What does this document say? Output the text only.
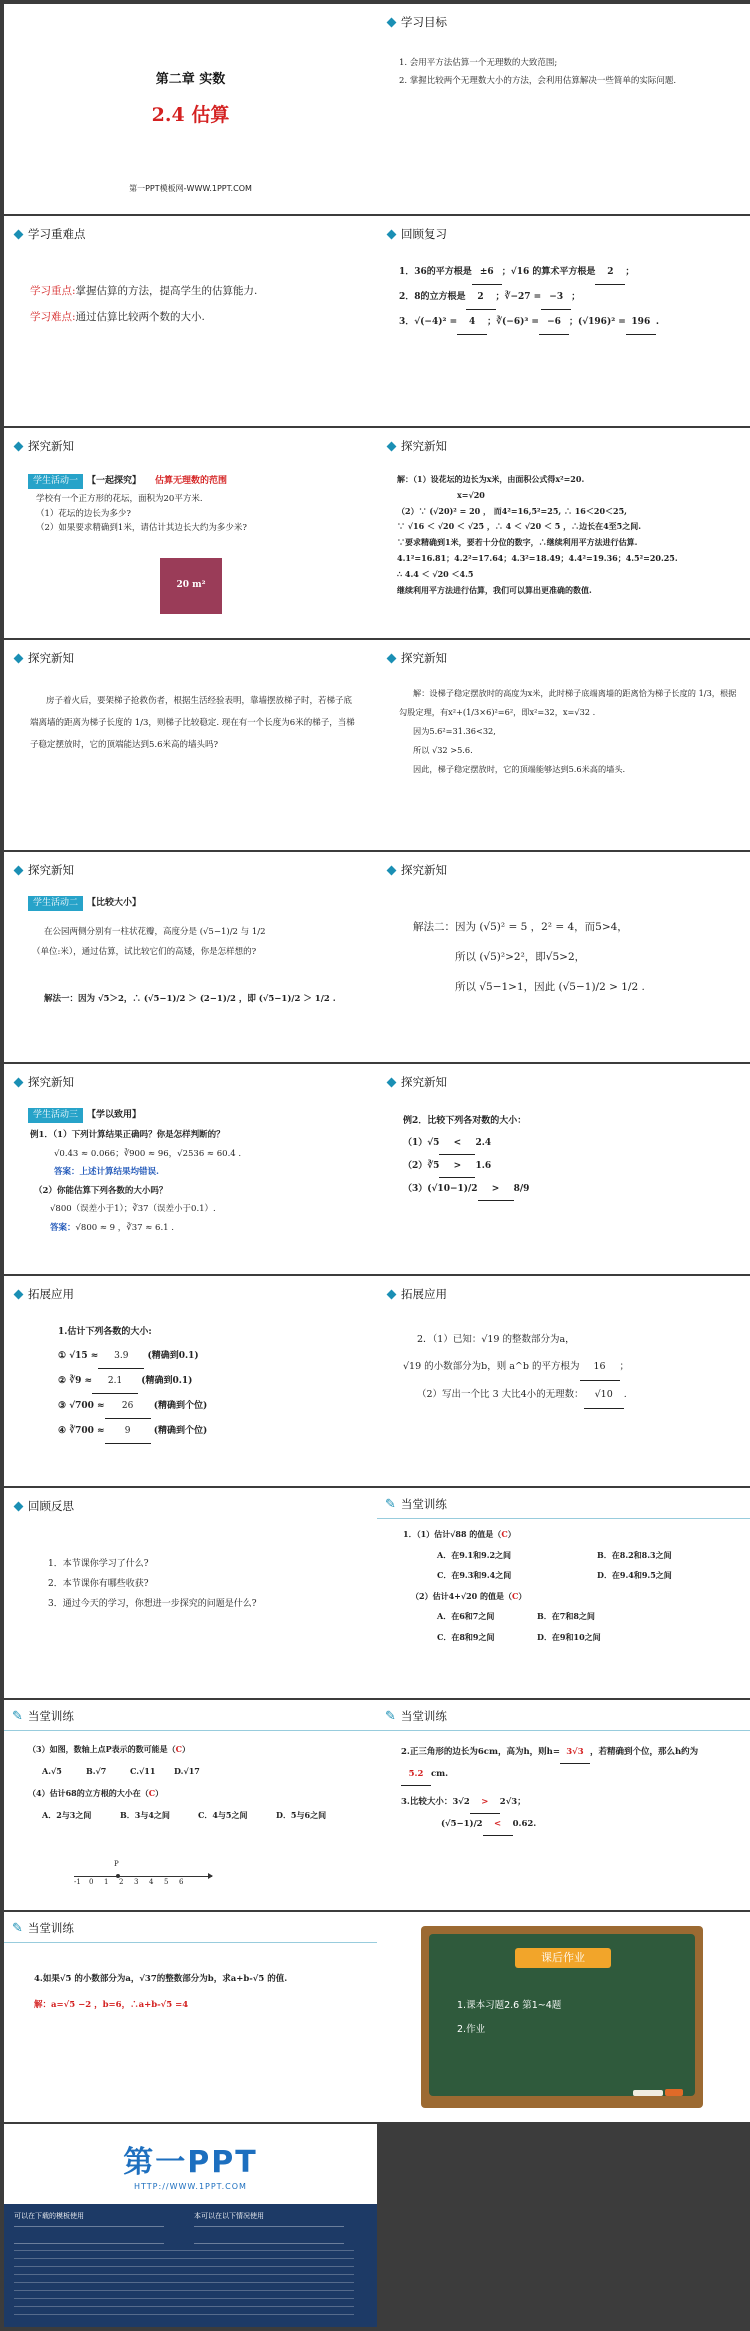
第二章 实数
2.4 估算
第一PPT模板网-WWW.1PPT.COM
学习目标
1. 会用平方法估算一个无理数的大致范围;
2. 掌握比较两个无理数大小的方法，会利用估算解决一些简单的实际问题.
学习重难点
学习重点:掌握估算的方法，提高学生的估算能力.
学习难点:通过估算比较两个数的大小.
回顾复习
1．36的平方根是 ±6 ；√16 的算术平方根是 2 ；
2．8的立方根是 2 ；∛−27 = −3 ；
3．√(−4)² = 4 ；∛(−6)³ = −6 ；(√196)² = 196 .
探究新知
学生活动一 【一起探究】 估算无理数的范围
学校有一个正方形的花坛，面积为20平方米.
（1）花坛的边长为多少?
（2）如果要求精确到1米，请估计其边长大约为多少米?
20 m²
探究新知
解：（1）设花坛的边长为x米，由面积公式得x²=20.
x=√20
（2）∵ (√20)² = 20 ， 而4²=16,5²=25, ∴ 16＜20＜25,
∵ √16 ＜ √20 ＜ √25 ，∴ 4 ＜ √20 ＜ 5 ，∴边长在4至5之间.
∵要求精确到1米，要若十分位的数字，∴继续利用平方法进行估算.
4.1²=16.81；4.2²=17.64；4.3²=18.49；4.4²=19.36；4.5²=20.25.
∴ 4.4 ＜ √20 ＜4.5
继续利用平方法进行估算，我们可以算出更准确的数值.
探究新知
房子着火后，要架梯子抢救伤者，根据生活经验表明，靠墙摆放梯子时，若梯子底端离墙的距离为梯子长度的 1/3，则梯子比较稳定. 现在有一个长度为6米的梯子，当梯子稳定摆放时，它的顶端能达到5.6米高的墙头吗?
探究新知
解：设梯子稳定摆放时的高度为x米，此时梯子底端离墙的距离恰为梯子长度的 1/3，根据勾股定理，有x²+(1/3×6)²=6²，即x²=32，x=√32 .
因为5.6²=31.36<32,
所以 √32 >5.6.
因此，梯子稳定摆放时，它的顶端能够达到5.6米高的墙头.
探究新知
学生活动二 【比较大小】
在公园两侧分别有一柱状花瓣，高度分是 (√5−1)/2 与 1/2
（单位:米），通过估算，试比较它们的高矮，你是怎样想的?
解法一：因为 √5＞2，∴ (√5−1)/2 ＞ (2−1)/2 ，即 (√5−1)/2 ＞ 1/2 .
探究新知
解法二：因为 (√5)² = 5 ，2² = 4，而5>4，
所以 (√5)²>2²，即√5>2，
所以 √5−1>1，因此 (√5−1)/2 > 1/2 .
探究新知
学生活动三 【学以致用】
例1．（1）下列计算结果正确吗？你是怎样判断的？
√0.43 ≈ 0.066；∛900 ≈ 96，√2536 ≈ 60.4 .
答案：上述计算结果均错误.
（2）你能估算下列各数的大小吗？
√800（误差小于1）；∛37（误差小于0.1）.
答案：√800 ≈ 9 ，∛37 ≈ 6.1 .
探究新知
例2．比较下列各对数的大小：
（1）√5 < 2.4
（2）∛5 > 1.6
（3）(√10−1)/2 > 8/9
拓展应用
1.估计下列各数的大小:
① √15 ≈ 3.9 (精确到0.1)
② ∛9 ≈ 2.1 (精确到0.1)
③ √700 ≈ 26 (精确到个位)
④ ∛700 ≈ 9	(精确到个位)
拓展应用
2．（1）已知：√19 的整数部分为a，
√19 的小数部分为b，则 a^b 的平方根为 16 ；
（2）写出一个比 3 大比4小的无理数： √10 .
回顾反思
1．本节课你学习了什么?
2．本节课你有哪些收获?
3．通过今天的学习，你想进一步探究的问题是什么?
✎ 当堂训练
1．（1）估计√88 的值是（C）
A．在9.1和9.2之间	B．在8.2和8.3之间
C．在9.3和9.4之间	D．在9.4和9.5之间
（2）估计4+√20 的值是（C）
A．在6和7之间	B．在7和8之间
C．在8和9之间	D．在9和10之间
✎ 当堂训练
（3）如图，数轴上点P表示的数可能是（C）
A.√5	B.√7	C.√11	D.√17
（4）估计68的立方根的大小在（C）
A．2与3之间	B．3与4之间	C．4与5之间	D．5与6之间
P
-1 0 1 2 3 4 5 6
✎ 当堂训练
2.正三角形的边长为6cm，高为h，则h= 3√3 ，若精确到个位，那么h约为
5.2 cm.
3.比较大小：3√2 > 2√3；
(√5−1)/2 < 0.62.
✎ 当堂训练
4.如果√5 的小数部分为a，√37的整数部分为b，求a+b-√5 的值.
解：a=√5 −2 ，b=6，∴a+b-√5 =4
课后作业
1.课本习题2.6 第1~4题
2.作业
第一PPT
HTTP://WWW.1PPT.COM
可以在下载的模板使用	本可以在以下情况使用
